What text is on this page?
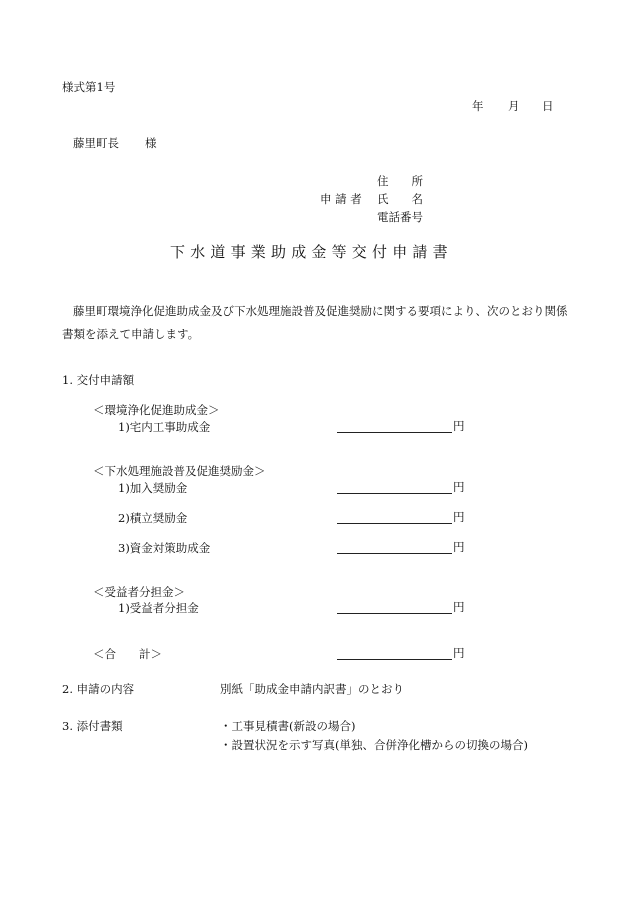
様式第1号
年 月 日
藤里町長 様
住　　所
申 請 者 氏　　名
電話番号
下水道事業助成金等交付申請書
藤里町環境浄化促進助成金及び下水処理施設普及促進奨励に関する要項により、次のとおり関係書類を添えて申請します。
1. 交付申請額
＜環境浄化促進助成金＞
1)宅内工事助成金	円
＜下水処理施設普及促進奨励金＞
1)加入奨励金	円
2)積立奨励金	円
3)資金対策助成金	円
＜受益者分担金＞
1)受益者分担金	円
＜合　　計＞	円
2. 申請の内容	別紙「助成金申請内訳書」のとおり
3. 添付書類	・工事見積書(新設の場合)
・設置状況を示す写真(単独、合併浄化槽からの切換の場合)
